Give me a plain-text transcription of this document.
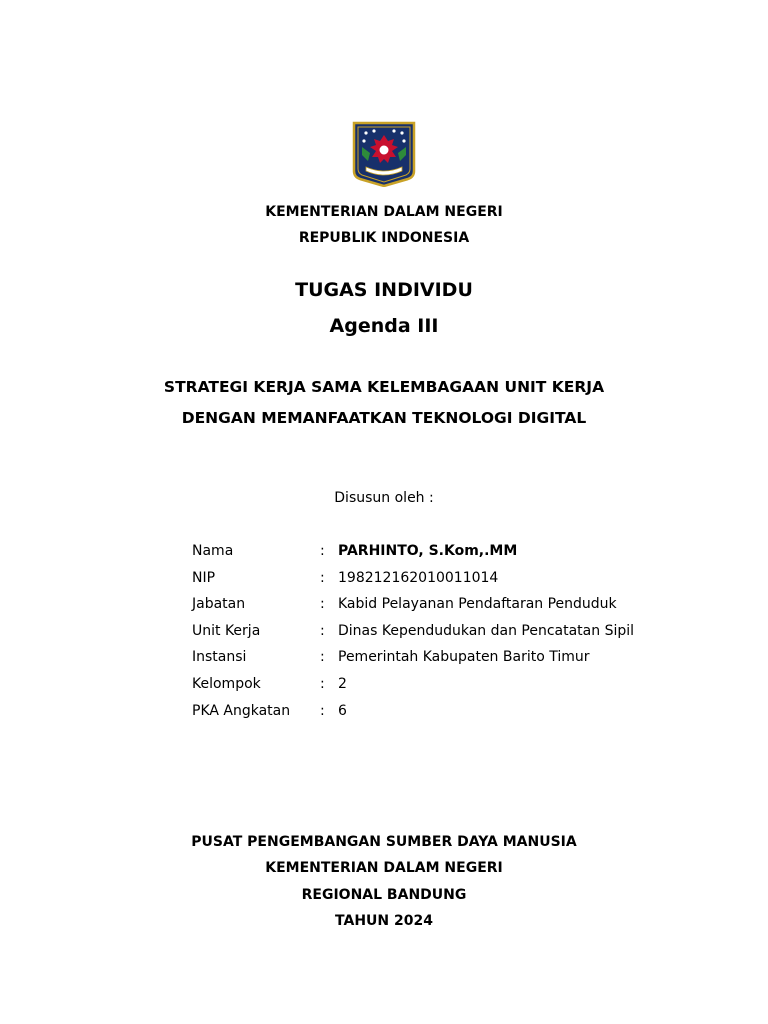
KEMENTERIAN DALAM NEGERI
REPUBLIK INDONESIA
TUGAS INDIVIDU
Agenda III
STRATEGI KERJA SAMA KELEMBAGAAN UNIT KERJA
DENGAN MEMANFAATKAN TEKNOLOGI DIGITAL
Disusun oleh :
Nama	: PARHINTO, S.Kom,.MM
NIP	: 198212162010011014
Jabatan	: Kabid Pelayanan Pendaftaran Penduduk
Unit Kerja	: Dinas Kependudukan dan Pencatatan Sipil
Instansi	: Pemerintah Kabupaten Barito Timur
Kelompok	: 2
PKA Angkatan : 6
PUSAT PENGEMBANGAN SUMBER DAYA MANUSIA
KEMENTERIAN DALAM NEGERI
REGIONAL BANDUNG
TAHUN 2024
